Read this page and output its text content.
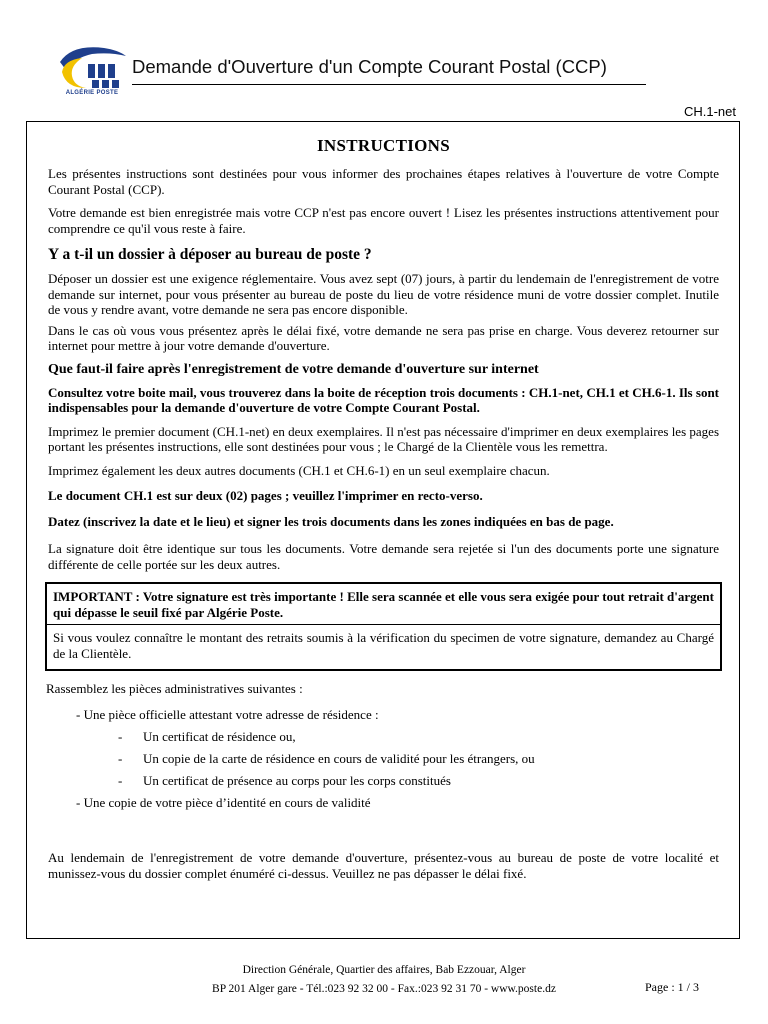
ALGÉRIE POSTE
Demande d'Ouverture d'un Compte Courant Postal (CCP)
CH.1-net
INSTRUCTIONS

Les présentes instructions sont destinées pour vous informer des prochaines étapes relatives à l'ouverture de votre Compte Courant Postal (CCP).

Votre demande est bien enregistrée mais votre CCP n'est pas encore ouvert ! Lisez les présentes instructions attentivement pour comprendre ce qu'il vous reste à faire.

Y a t-il un dossier à déposer au bureau de poste ?

Déposer un dossier est une exigence réglementaire. Vous avez sept (07) jours, à partir du lendemain de l'enregistrement de votre demande sur internet, pour vous présenter au bureau de poste du lieu de votre résidence muni de votre dossier complet. Inutile de vous y rendre avant, votre demande ne sera pas encore disponible.

Dans le cas où vous vous présentez après le délai fixé, votre demande ne sera pas prise en charge. Vous deverez retourner sur internet pour mettre à jour votre demande d'ouverture.

Que faut-il faire après l'enregistrement de votre demande d'ouverture sur internet

Consultez votre boite mail, vous trouverez dans la boite de réception trois documents : CH.1-net, CH.1 et CH.6-1. Ils sont indispensables pour la demande d'ouverture de votre Compte Courant Postal.

Imprimez le premier document (CH.1-net) en deux exemplaires. Il n'est pas nécessaire d'imprimer en deux exemplaires les pages portant les présentes instructions, elle sont destinées pour vous ; le Chargé de la Clientèle vous les remettra.

Imprimez également les deux autres documents (CH.1 et CH.6-1) en un seul exemplaire chacun.

Le document CH.1 est sur deux (02) pages ; veuillez l'imprimer en recto-verso.

Datez (inscrivez la date et le lieu) et signer les trois documents dans les zones indiquées en bas de page.

La signature doit être identique sur tous les documents. Votre demande sera rejetée si l'un des documents porte une signature différente de celle portée sur les deux autres.

IMPORTANT : Votre signature est très importante ! Elle sera scannée et elle vous sera exigée pour tout retrait d'argent qui dépasse le seuil fixé par Algérie Poste.

Si vous voulez connaître le montant des retraits soumis à la vérification du specimen de votre signature, demandez au Chargé de la Clientèle.

Rassemblez les pièces administratives suivantes :
- Une pièce officielle attestant votre adresse de résidence :
-	Un certificat de résidence ou,
-	Un copie de la carte de résidence en cours de validité pour les étrangers, ou
-	Un certificat de présence au corps pour les corps constitués
- Une copie de votre pièce d’identité en cours de validité

Au lendemain de l'enregistrement de votre demande d'ouverture, présentez-vous au bureau de poste de votre localité et munissez-vous du dossier complet énuméré ci-dessus. Veuillez ne pas dépasser le délai fixé.

Direction Générale, Quartier des affaires, Bab Ezzouar, Alger
BP 201 Alger gare - Tél.:023 92 32 00 - Fax.:023 92 31 70 - www.poste.dz	Page : 1 / 3
